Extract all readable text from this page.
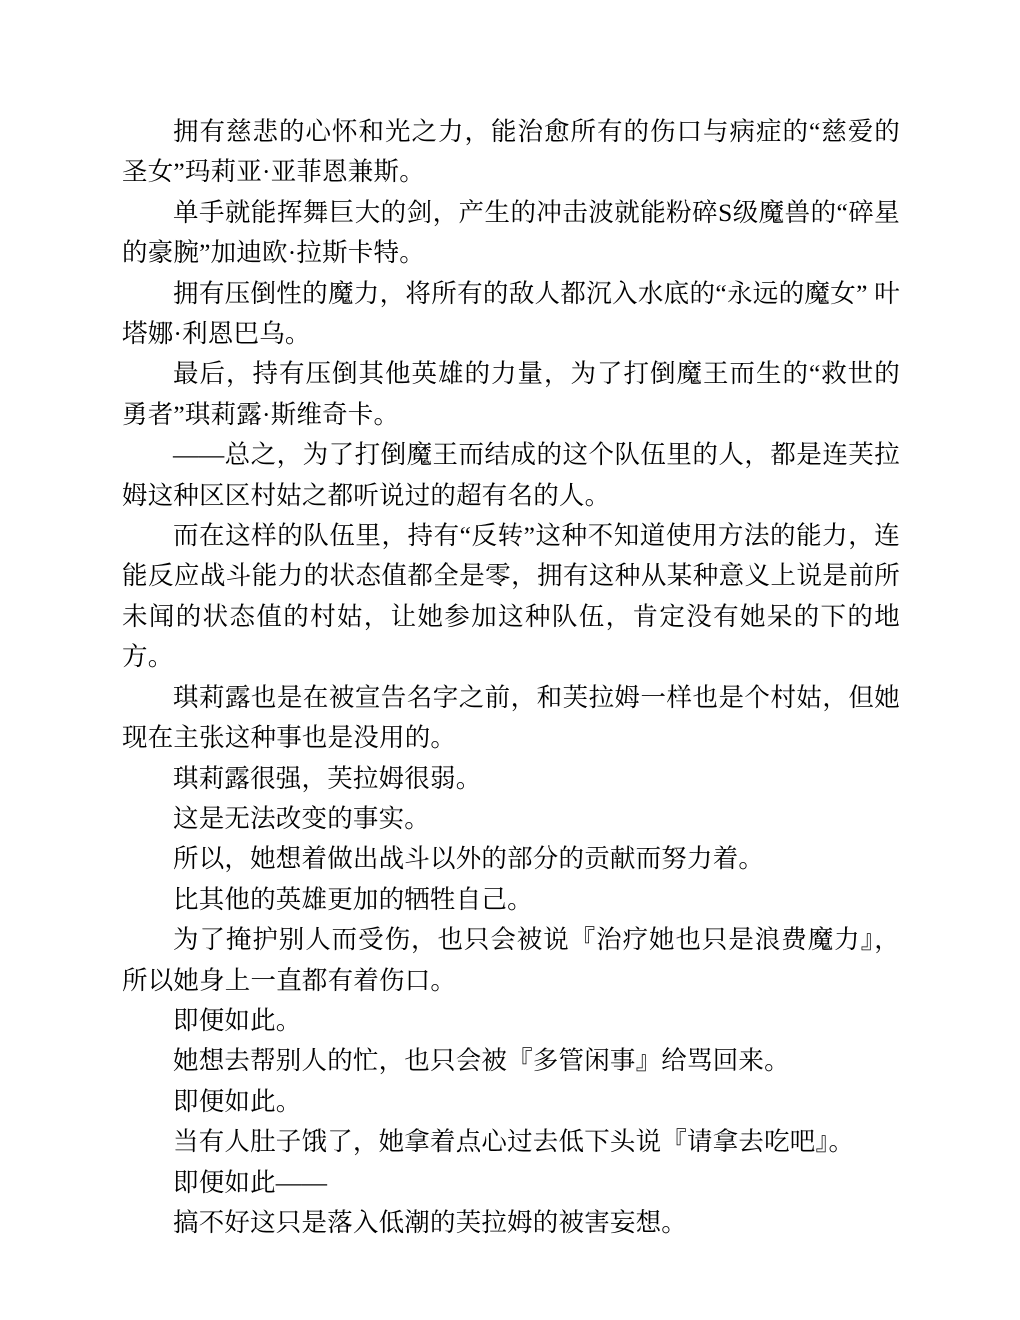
拥有慈悲的心怀和光之力，能治愈所有的伤口与病症的“慈爱的圣女”玛莉亚·亚菲恩兼斯。

单手就能挥舞巨大的剑，产生的冲击波就能粉碎S级魔兽的“碎星的豪腕”加迪欧·拉斯卡特。

拥有压倒性的魔力，将所有的敌人都沉入水底的“永远的魔女” 叶塔娜·利恩巴乌。

最后，持有压倒其他英雄的力量，为了打倒魔王而生的“救世的勇者”琪莉露·斯维奇卡。

——总之，为了打倒魔王而结成的这个队伍里的人，都是连芙拉姆这种区区村姑之都听说过的超有名的人。

而在这样的队伍里，持有“反转”这种不知道使用方法的能力，连能反应战斗能力的状态值都全是零，拥有这种从某种意义上说是前所未闻的状态值的村姑，让她参加这种队伍，肯定没有她呆的下的地方。

琪莉露也是在被宣告名字之前，和芙拉姆一样也是个村姑，但她现在主张这种事也是没用的。

琪莉露很强，芙拉姆很弱。

这是无法改变的事实。

所以，她想着做出战斗以外的部分的贡献而努力着。

比其他的英雄更加的牺牲自己。

为了掩护别人而受伤，也只会被说『治疗她也只是浪费魔力』，所以她身上一直都有着伤口。

即便如此。

她想去帮别人的忙，也只会被『多管闲事』给骂回来。

即便如此。

当有人肚子饿了，她拿着点心过去低下头说『请拿去吃吧』。

即便如此——

搞不好这只是落入低潮的芙拉姆的被害妄想。
